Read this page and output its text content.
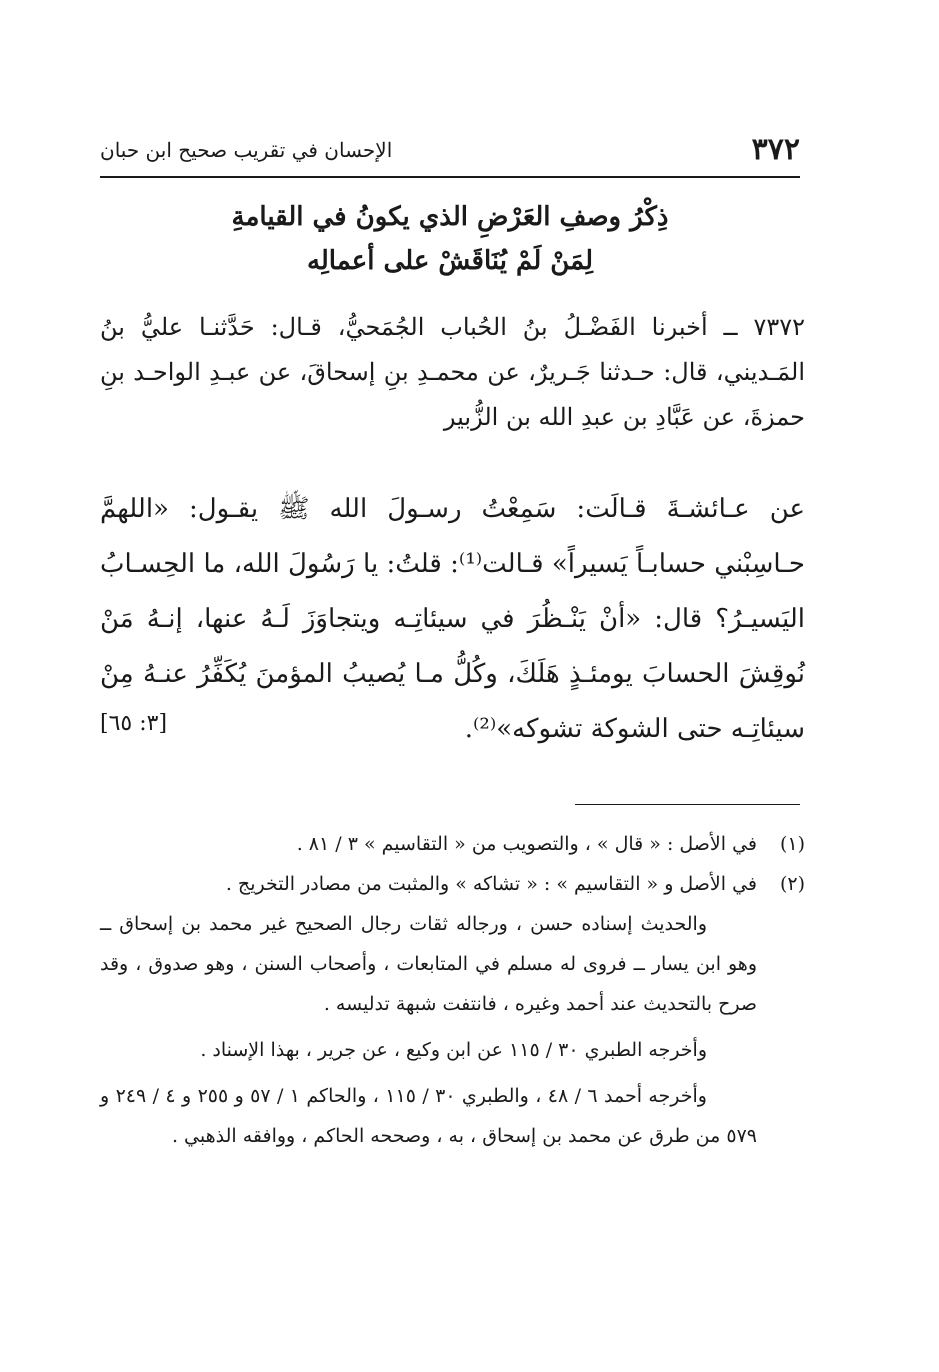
٣٧٢
الإحسان في تقريب صحيح ابن حبان
ذِكْرُ وصفِ العَرْضِ الذي يكونُ في القيامةِ
لِمَنْ لَمْ يُنَاقَشْ على أعمالِه
٧٣٧٢ ــ أخبرنا الفَضْـلُ بنُ الحُباب الجُمَحيُّ، قـال: حَدَّثنـا عليُّ بنُ المَـديني، قال: حـدثنا جَـريرٌ، عن محمـدِ بنِ إسحاقَ، عن عبـدِ الواحـد بنِ حمزةَ، عن عَبَّادِ بن عبدِ الله بن الزُّبير
عن عـائشـةَ قـالَت: سَمِعْتُ رسـولَ الله ﷺ يقـول: «اللهمَّ حـاسِبْني حسابـاً يَسيراً» قـالت⁽¹⁾: قلتُ: يا رَسُولَ الله، ما الحِسـابُ اليَسيـرُ؟ قال: «أنْ يَنْـظُرَ في سيئاتِـه ويتجاوَزَ لَـهُ عنها، إنـهُ مَنْ نُوقِشَ الحسابَ يومئـذٍ هَلَكَ، وكُلُّ مـا يُصيبُ المؤمنَ يُكَفِّرُ عنـهُ مِنْ سيئاتِـه حتى الشوكة تشوكه»⁽²⁾.
[٣: ٦٥]
(١)
في الأصل : « قال » ، والتصويب من « التقاسيم » ٣ / ٨١ .
(٢)
في الأصل و « التقاسيم » : « تشاكه » والمثبت من مصادر التخريج .
والحديث إسناده حسن ، ورجاله ثقات رجال الصحيح غير محمد بن إسحاق ــ وهو ابن يسار ــ فروى له مسلم في المتابعات ، وأصحاب السنن ، وهو صدوق ، وقد صرح بالتحديث عند أحمد وغيره ، فانتفت شبهة تدليسه .
وأخرجه الطبري ٣٠ / ١١٥ عن ابن وكيع ، عن جرير ، بهذا الإسناد .
وأخرجه أحمد ٦ / ٤٨ ، والطبري ٣٠ / ١١٥ ، والحاكم ١ / ٥٧ و ٢٥٥ و ٤ / ٢٤٩ و ٥٧٩ من طرق عن محمد بن إسحاق ، به ، وصححه الحاكم ، ووافقه الذهبي .
